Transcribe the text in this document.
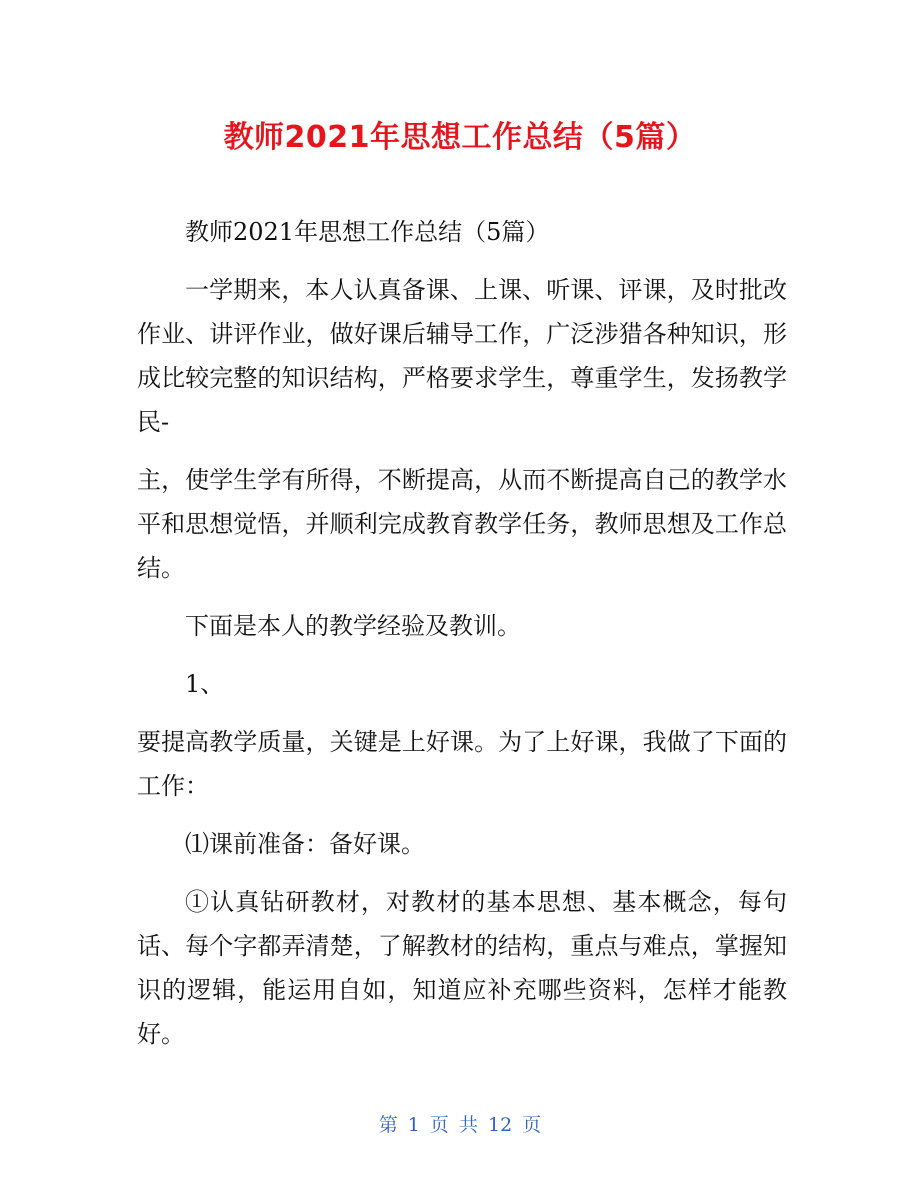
教师2021年思想工作总结（5篇）

教师2021年思想工作总结（5篇）

一学期来，本人认真备课、上课、听课、评课，及时批改作业、讲评作业，做好课后辅导工作，广泛涉猎各种知识，形成比较完整的知识结构，严格要求学生，尊重学生，发扬教学民-

主，使学生学有所得，不断提高，从而不断提高自己的教学水平和思想觉悟，并顺利完成教育教学任务，教师思想及工作总结。

下面是本人的教学经验及教训。

1、

要提高教学质量，关键是上好课。为了上好课，我做了下面的工作：

⑴课前准备：备好课。

①认真钻研教材，对教材的基本思想、基本概念，每句话、每个字都弄清楚，了解教材的结构，重点与难点，掌握知识的逻辑，能运用自如，知道应补充哪些资料，怎样才能教好。

第 1 页 共 12 页
